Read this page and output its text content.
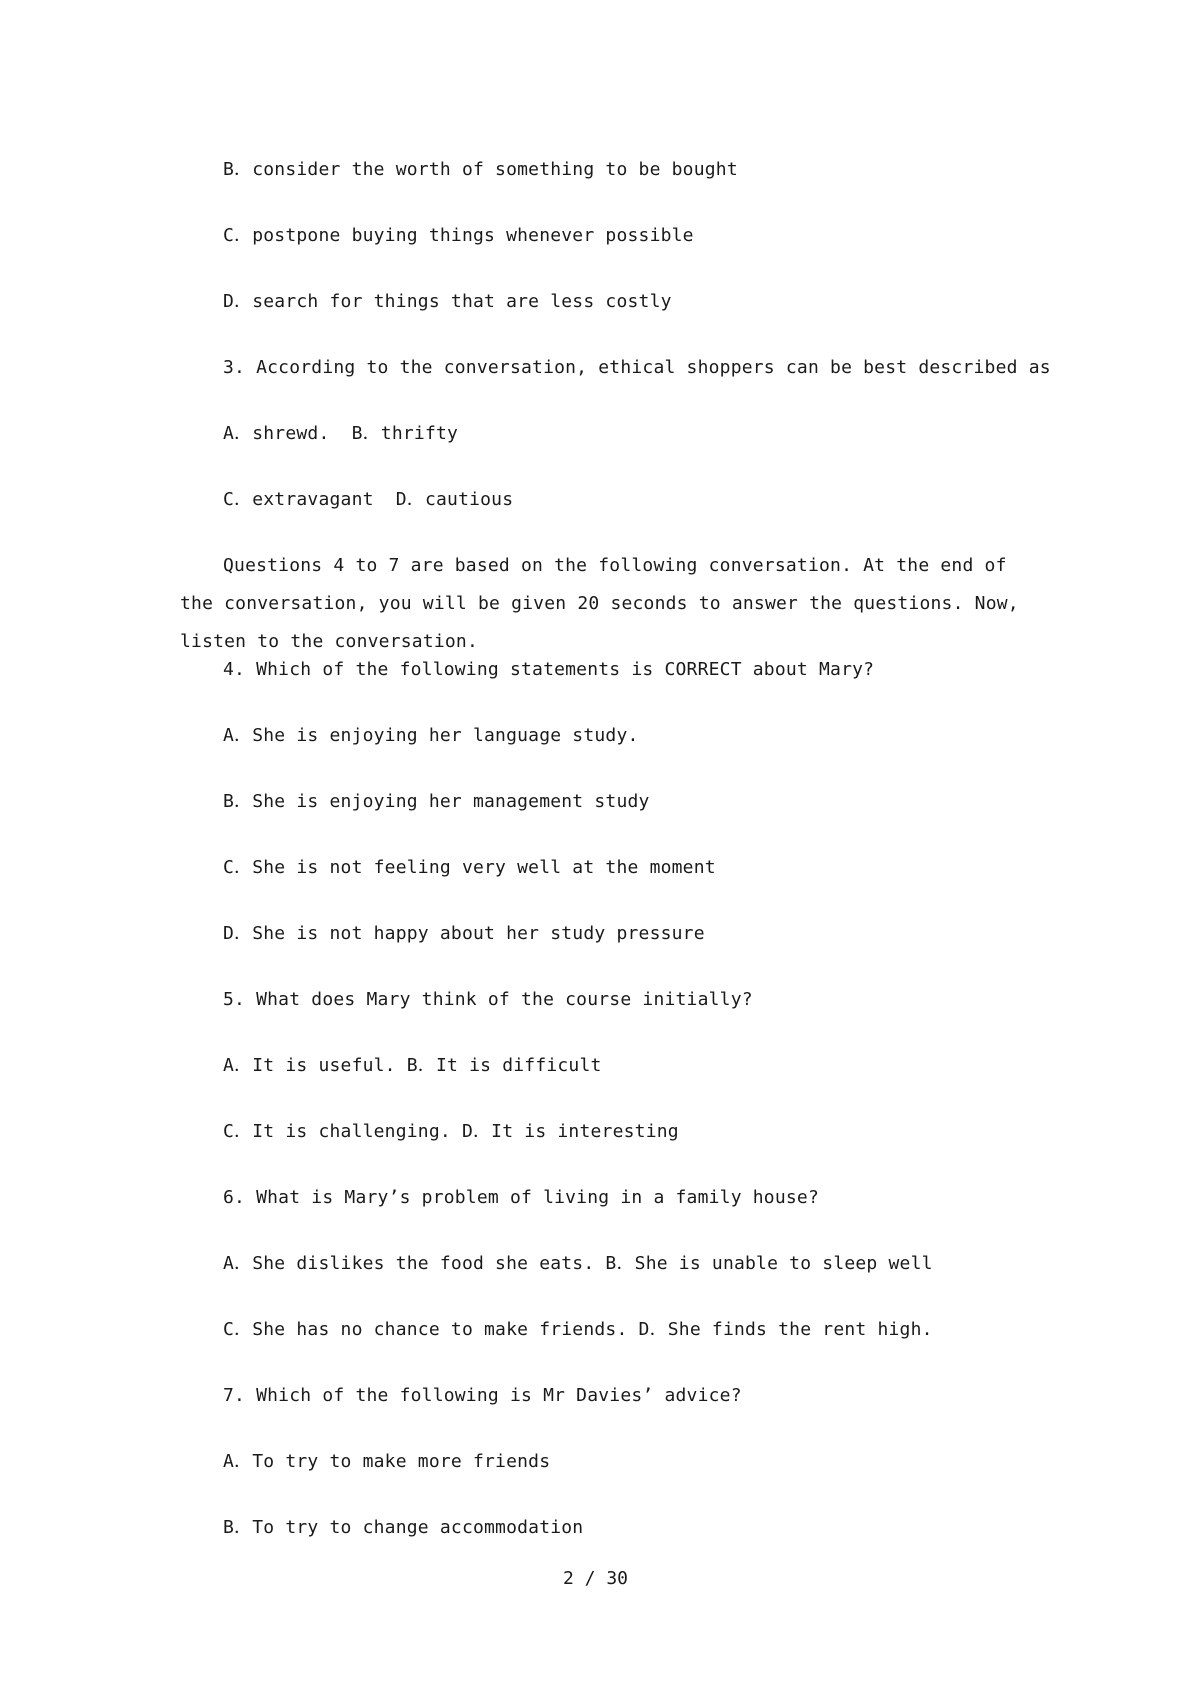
B．consider the worth of something to be bought
C．postpone buying things whenever possible
D．search for things that are less costly
3. According to the conversation, ethical shoppers can be best described as
A．shrewd.  B．thrifty
C．extravagant  D．cautious
Questions 4 to 7 are based on the following conversation. At the end of the conversation, you will be given 20 seconds to answer the questions. Now, listen to the conversation.
4. Which of the following statements is CORRECT about Mary?
A．She is enjoying her language study.
B．She is enjoying her management study
C．She is not feeling very well at the moment
D．She is not happy about her study pressure
5. What does Mary think of the course initially?
A．It is useful. B．It is difficult
C．It is challenging. D．It is interesting
6. What is Mary’s problem of living in a family house?
A．She dislikes the food she eats. B．She is unable to sleep well
C．She has no chance to make friends. D．She finds the rent high.
7. Which of the following is Mr Davies’ advice?
A．To try to make more friends
B．To try to change accommodation
2 / 30
